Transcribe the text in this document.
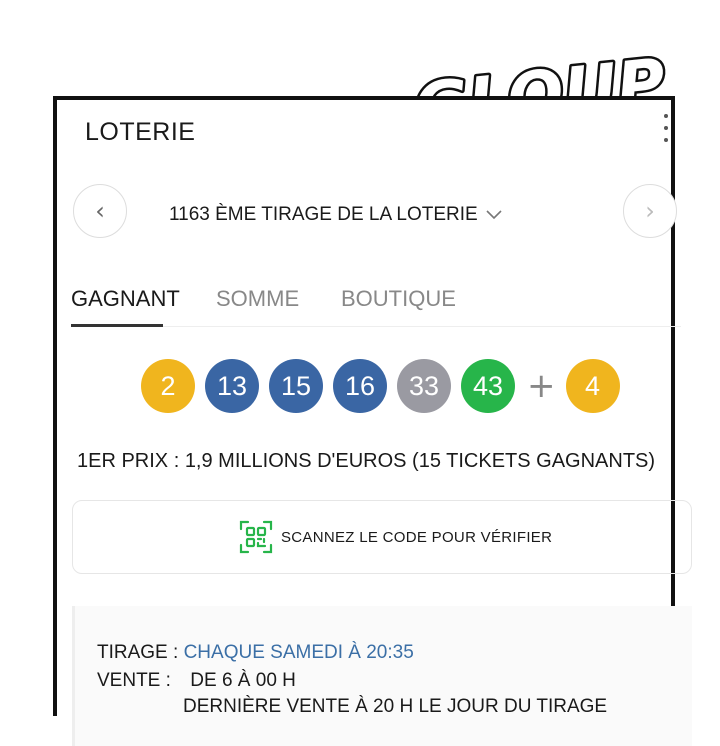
LOTERIE
‹	1163 ÈME TIRAGE DE LA LOTERIE	›
GAGNANT SOMME BOUTIQUE
2	13	15	16	33	43 +	4
1ER PRIX : 1,9 MILLIONS D'EUROS (15 TICKETS GAGNANTS)
SCANNEZ LE CODE POUR VÉRIFIER
TIRAGE : CHAQUE SAMEDI À 20:35
VENTE : DE 6 À 00 H
DERNIÈRE VENTE À 20 H LE JOUR DU TIRAGE
